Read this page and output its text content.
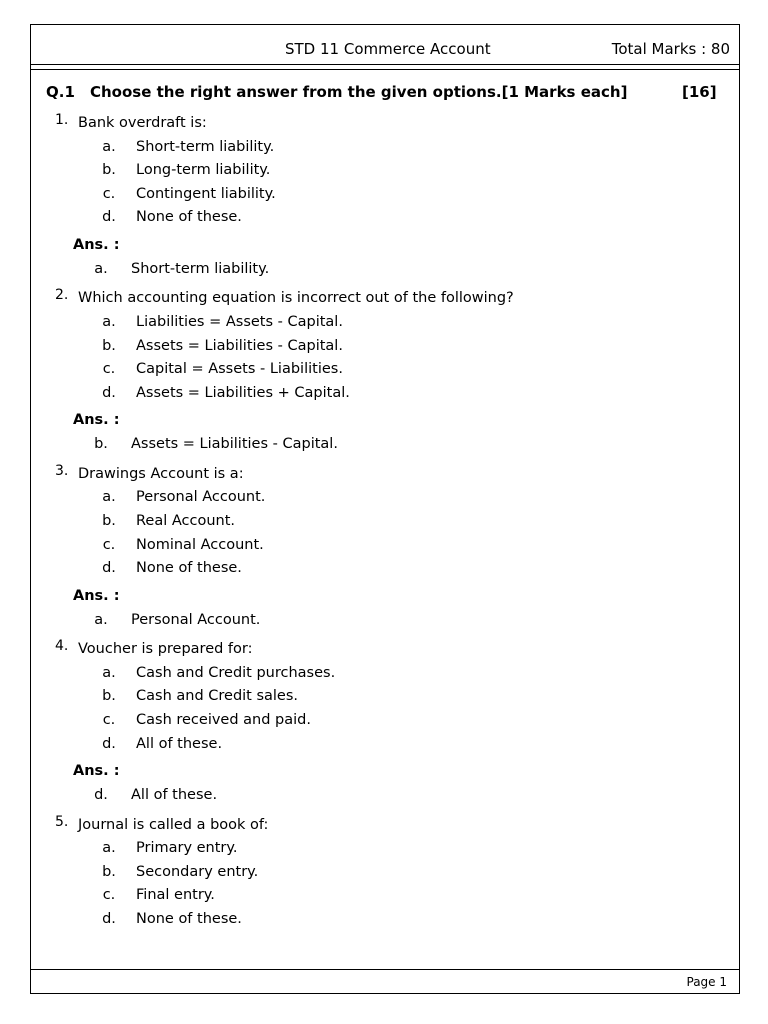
STD 11 Commerce Account	Total Marks : 80
Q.1 Choose the right answer from the given options.[1 Marks each]	[16]
1. Bank overdraft is:
a. Short-term liability.
b. Long-term liability.
c. Contingent liability.
d. None of these.
Ans. :
a. Short-term liability.
2. Which accounting equation is incorrect out of the following?
a. Liabilities = Assets - Capital.
b. Assets = Liabilities - Capital.
c. Capital = Assets - Liabilities.
d. Assets = Liabilities + Capital.
Ans. :
b. Assets = Liabilities - Capital.
3. Drawings Account is a:
a. Personal Account.
b. Real Account.
c. Nominal Account.
d. None of these.
Ans. :
a. Personal Account.
4. Voucher is prepared for:
a. Cash and Credit purchases.
b. Cash and Credit sales.
c. Cash received and paid.
d. All of these.
Ans. :
d. All of these.
5. Journal is called a book of:
a. Primary entry.
b. Secondary entry.
c. Final entry.
d. None of these.
Page 1
